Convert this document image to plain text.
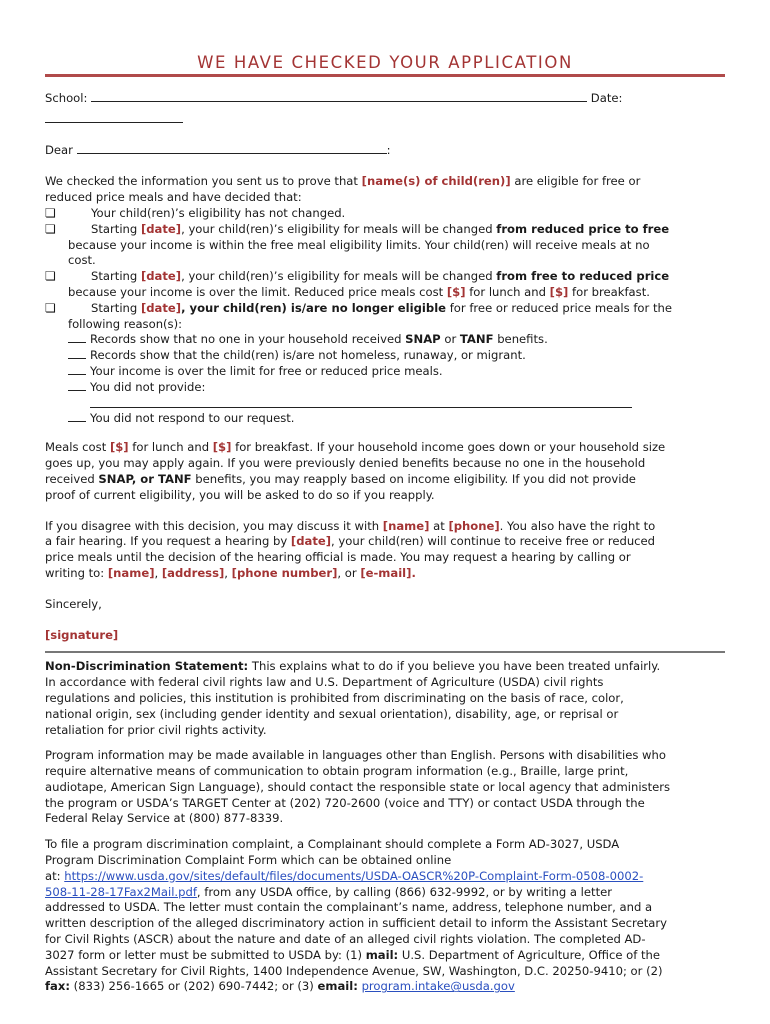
WE HAVE CHECKED YOUR APPLICATION
School:	Date:
Dear	:
We checked the information you sent us to prove that [name(s) of child(ren)] are eligible for free or
reduced price meals and have decided that:
❏	Your child(ren)’s eligibility has not changed.
❏	Starting [date], your child(ren)’s eligibility for meals will be changed from reduced price to free
because your income is within the free meal eligibility limits. Your child(ren) will receive meals at no
cost.
❏	Starting [date], your child(ren)’s eligibility for meals will be changed from free to reduced price
because your income is over the limit. Reduced price meals cost [$] for lunch and [$] for breakfast.
❏	Starting [date], your child(ren) is/are no longer eligible for free or reduced price meals for the
following reason(s):
Records show that no one in your household received SNAP or TANF benefits.
Records show that the child(ren) is/are not homeless, runaway, or migrant.
Your income is over the limit for free or reduced price meals.
You did not provide:
You did not respond to our request.
Meals cost [$] for lunch and [$] for breakfast. If your household income goes down or your household size
goes up, you may apply again. If you were previously denied benefits because no one in the household
received SNAP, or TANF benefits, you may reapply based on income eligibility. If you did not provide
proof of current eligibility, you will be asked to do so if you reapply.
If you disagree with this decision, you may discuss it with [name] at [phone]. You also have the right to
a fair hearing. If you request a hearing by [date], your child(ren) will continue to receive free or reduced
price meals until the decision of the hearing official is made. You may request a hearing by calling or
writing to: [name], [address], [phone number], or [e-mail].
Sincerely,
[signature]
Non-Discrimination Statement: This explains what to do if you believe you have been treated unfairly.
In accordance with federal civil rights law and U.S. Department of Agriculture (USDA) civil rights
regulations and policies, this institution is prohibited from discriminating on the basis of race, color,
national origin, sex (including gender identity and sexual orientation), disability, age, or reprisal or
retaliation for prior civil rights activity.
Program information may be made available in languages other than English. Persons with disabilities who
require alternative means of communication to obtain program information (e.g., Braille, large print,
audiotape, American Sign Language), should contact the responsible state or local agency that administers
the program or USDA’s TARGET Center at (202) 720-2600 (voice and TTY) or contact USDA through the
Federal Relay Service at (800) 877-8339.
To file a program discrimination complaint, a Complainant should complete a Form AD-3027, USDA
Program Discrimination Complaint Form which can be obtained online
at: https://www.usda.gov/sites/default/files/documents/USDA-OASCR%20P-Complaint-Form-0508-0002-
508-11-28-17Fax2Mail.pdf, from any USDA office, by calling (866) 632-9992, or by writing a letter
addressed to USDA. The letter must contain the complainant’s name, address, telephone number, and a
written description of the alleged discriminatory action in sufficient detail to inform the Assistant Secretary
for Civil Rights (ASCR) about the nature and date of an alleged civil rights violation. The completed AD-
3027 form or letter must be submitted to USDA by: (1) mail: U.S. Department of Agriculture, Office of the
Assistant Secretary for Civil Rights, 1400 Independence Avenue, SW, Washington, D.C. 20250-9410; or (2)
fax: (833) 256-1665 or (202) 690-7442; or (3) email: program.intake@usda.gov
